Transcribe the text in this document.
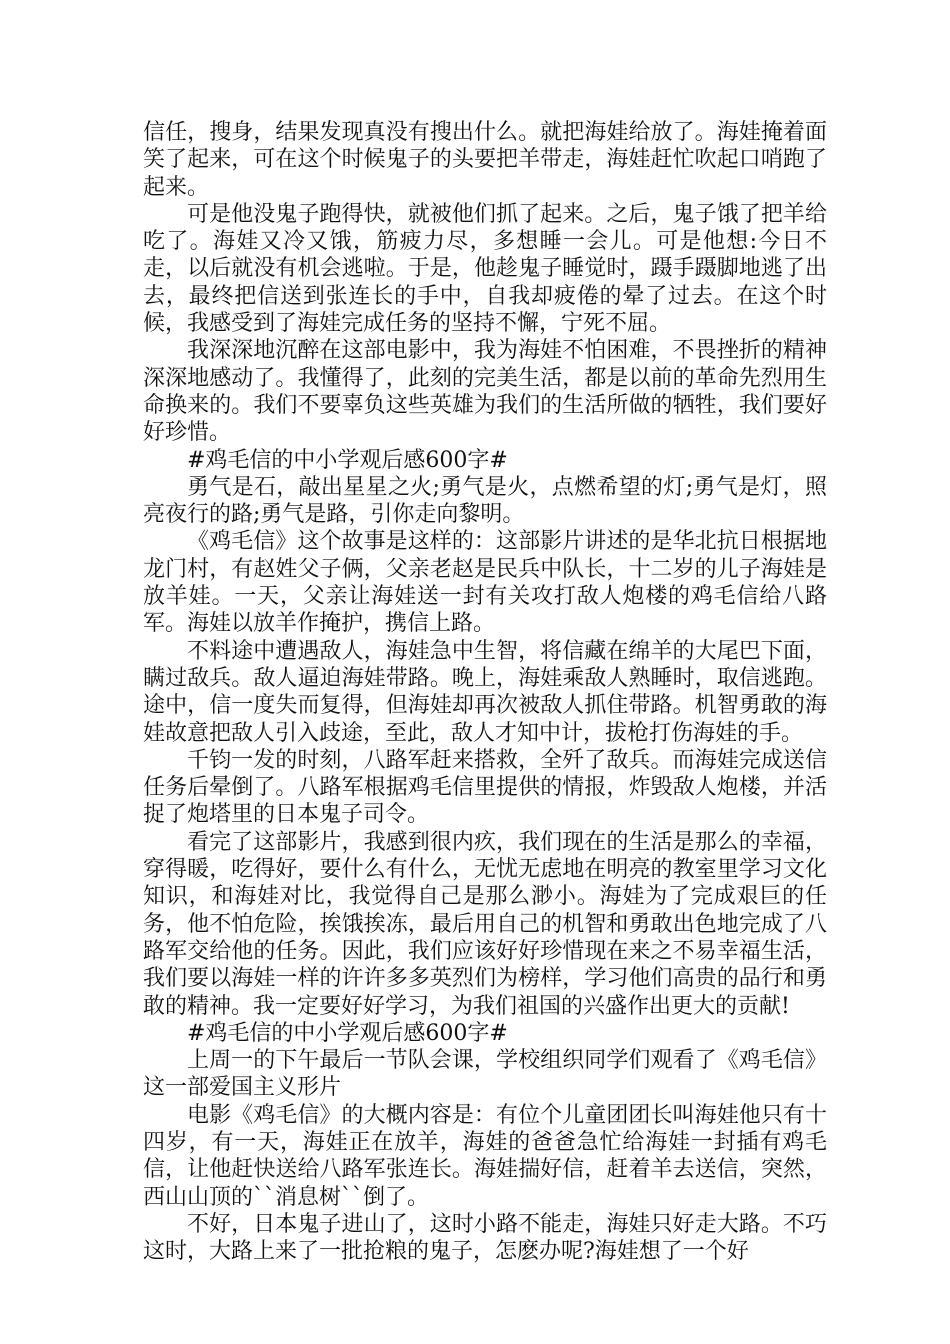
信任，搜身，结果发现真没有搜出什么。就把海娃给放了。海娃掩着面笑了起来，可在这个时候鬼子的头要把羊带走，海娃赶忙吹起口哨跑了起来。

可是他没鬼子跑得快，就被他们抓了起来。之后，鬼子饿了把羊给吃了。海娃又冷又饿，筋疲力尽，多想睡一会儿。可是他想:今日不走，以后就没有机会逃啦。于是，他趁鬼子睡觉时，蹑手蹑脚地逃了出去，最终把信送到张连长的手中，自我却疲倦的晕了过去。在这个时候，我感受到了海娃完成任务的坚持不懈，宁死不屈。

我深深地沉醉在这部电影中，我为海娃不怕困难，不畏挫折的精神深深地感动了。我懂得了，此刻的完美生活，都是以前的革命先烈用生命换来的。我们不要辜负这些英雄为我们的生活所做的牺牲，我们要好好珍惜。

#鸡毛信的中小学观后感600字#

勇气是石，敲出星星之火;勇气是火，点燃希望的灯;勇气是灯，照亮夜行的路;勇气是路，引你走向黎明。

《鸡毛信》这个故事是这样的：这部影片讲述的是华北抗日根据地龙门村，有赵姓父子俩，父亲老赵是民兵中队长，十二岁的儿子海娃是放羊娃。一天，父亲让海娃送一封有关攻打敌人炮楼的鸡毛信给八路军。海娃以放羊作掩护，携信上路。

不料途中遭遇敌人，海娃急中生智，将信藏在绵羊的大尾巴下面，瞒过敌兵。敌人逼迫海娃带路。晚上，海娃乘敌人熟睡时，取信逃跑。途中，信一度失而复得，但海娃却再次被敌人抓住带路。机智勇敢的海娃故意把敌人引入歧途，至此，敌人才知中计，拔枪打伤海娃的手。

千钧一发的时刻，八路军赶来搭救，全歼了敌兵。而海娃完成送信任务后晕倒了。八路军根据鸡毛信里提供的情报，炸毁敌人炮楼，并活捉了炮塔里的日本鬼子司令。

看完了这部影片，我感到很内疚，我们现在的生活是那么的幸福，穿得暖，吃得好，要什么有什么，无忧无虑地在明亮的教室里学习文化知识，和海娃对比，我觉得自己是那么渺小。海娃为了完成艰巨的任务，他不怕危险，挨饿挨冻，最后用自己的机智和勇敢出色地完成了八路军交给他的任务。因此，我们应该好好珍惜现在来之不易幸福生活，我们要以海娃一样的许许多多英烈们为榜样，学习他们高贵的品行和勇敢的精神。我一定要好好学习，为我们祖国的兴盛作出更大的贡献!

#鸡毛信的中小学观后感600字#

上周一的下午最后一节队会课，学校组织同学们观看了《鸡毛信》这一部爱国主义形片

电影《鸡毛信》的大概内容是：有位个儿童团团长叫海娃他只有十四岁，有一天，海娃正在放羊，海娃的爸爸急忙给海娃一封插有鸡毛信，让他赶快送给八路军张连长。海娃揣好信，赶着羊去送信，突然，西山山顶的``消息树``倒了。

不好，日本鬼子进山了，这时小路不能走，海娃只好走大路。不巧这时，大路上来了一批抢粮的鬼子，怎麽办呢?海娃想了一个好
